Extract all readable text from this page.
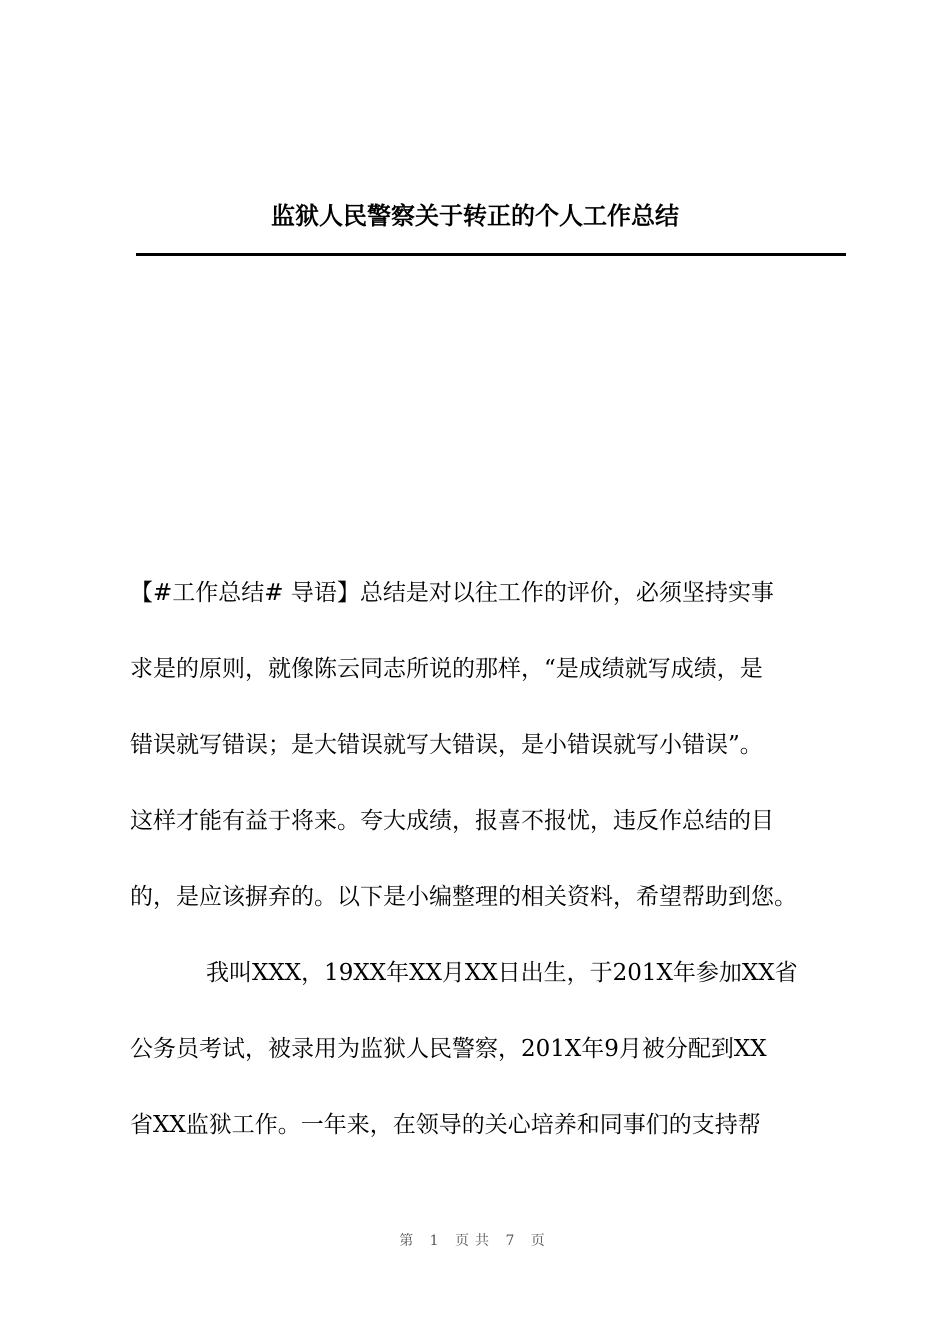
监狱人民警察关于转正的个人工作总结
【#工作总结# 导语】总结是对以往工作的评价，必须坚持实事
求是的原则，就像陈云同志所说的那样，“是成绩就写成绩，是
错误就写错误；是大错误就写大错误，是小错误就写小错误”。
这样才能有益于将来。夸大成绩，报喜不报忧，违反作总结的目
的，是应该摒弃的。以下是小编整理的相关资料，希望帮助到您。
我叫XXX，19XX年XX月XX日出生，于201X年参加XX省
公务员考试，被录用为监狱人民警察，201X年9月被分配到XX
省XX监狱工作。一年来，在领导的关心培养和同事们的支持帮
第 1 页共 7 页
